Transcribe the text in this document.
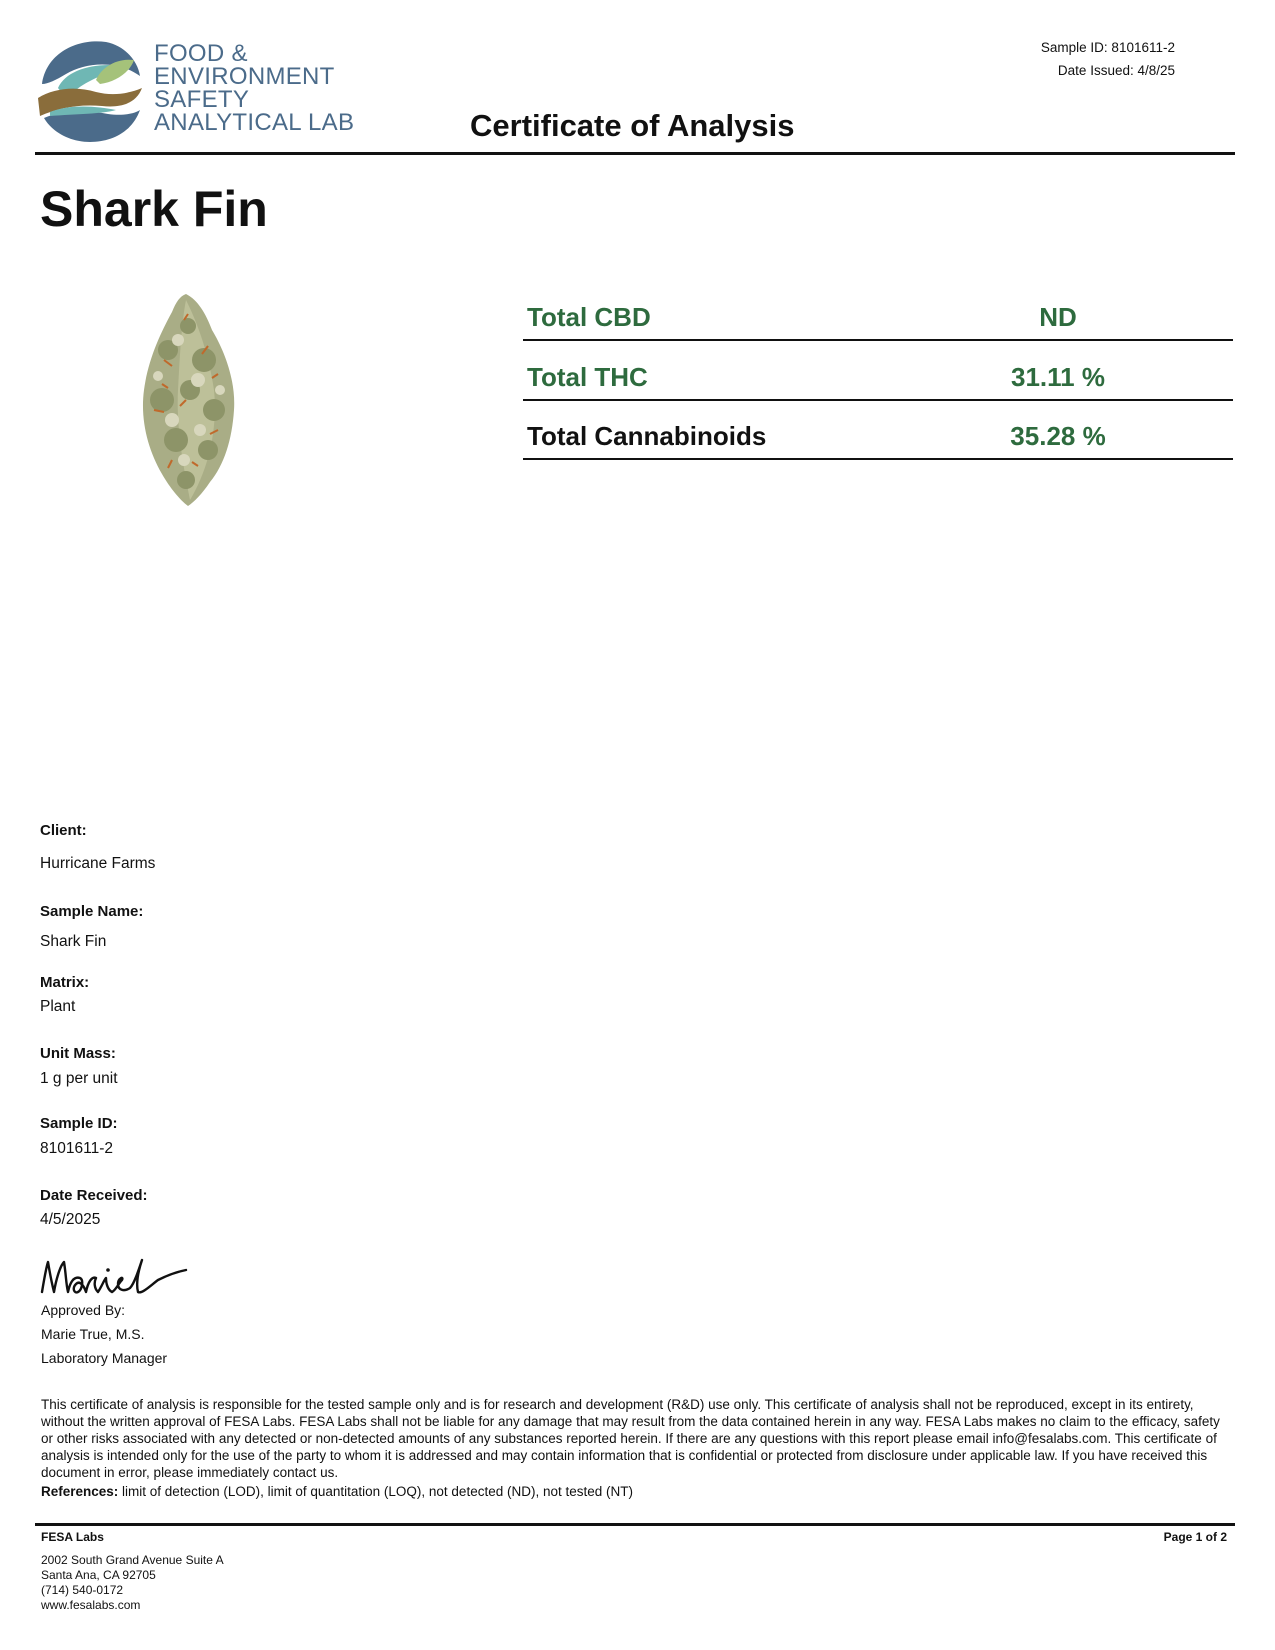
FOOD &
ENVIRONMENT
SAFETY
ANALYTICAL LAB
Sample ID: 8101611-2
Date Issued: 4/8/25
Certificate of Analysis
Shark Fin
Total CBD	ND
Total THC	31.11 %
Total Cannabinoids	35.28 %
Client:
Hurricane Farms
Sample Name:
Shark Fin
Matrix:
Plant
Unit Mass:
1 g per unit
Sample ID:
8101611-2
Date Received:
4/5/2025
Approved By:
Marie True, M.S.
Laboratory Manager
This certificate of analysis is responsible for the tested sample only and is for research and development (R&D) use only. This certificate of analysis shall not be reproduced, except in its entirety, without the written approval of FESA Labs. FESA Labs shall not be liable for any damage that may result from the data contained herein in any way. FESA Labs makes no claim to the efficacy, safety or other risks associated with any detected or non-detected amounts of any substances reported herein. If there are any questions with this report please email info@fesalabs.com. This certificate of analysis is intended only for the use of the party to whom it is addressed and may contain information that is confidential or protected from disclosure under applicable law. If you have received this document in error, please immediately contact us.
References: limit of detection (LOD), limit of quantitation (LOQ), not detected (ND), not tested (NT)
FESA Labs	Page 1 of 2
2002 South Grand Avenue Suite A
Santa Ana, CA 92705
(714) 540-0172
www.fesalabs.com
